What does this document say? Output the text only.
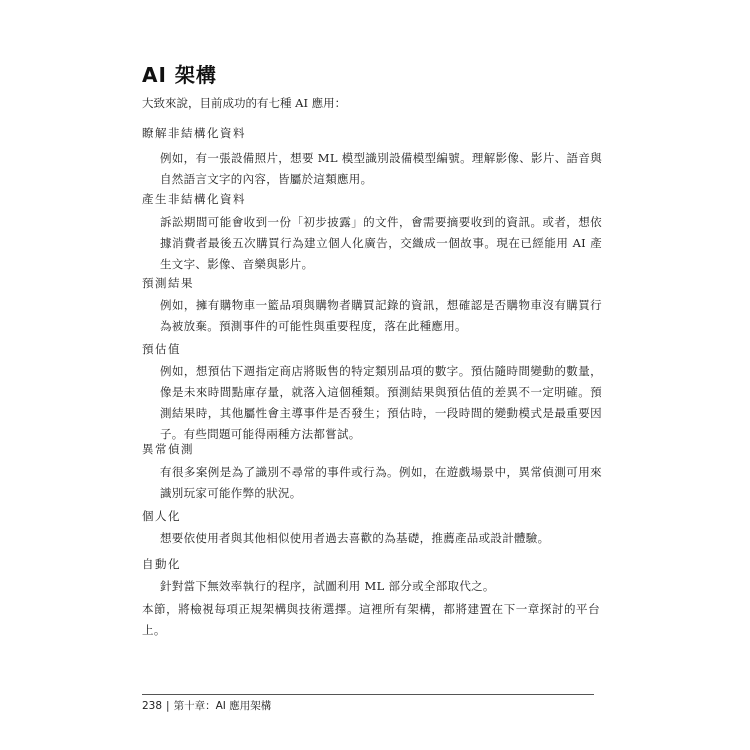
AI 架構

大致來說，目前成功的有七種 AI 應用：

瞭解非結構化資料

例如，有一張設備照片，想要 ML 模型識別設備模型編號。理解影像、影片、語音與自然語言文字的內容，皆屬於這類應用。

產生非結構化資料

訴訟期間可能會收到一份「初步披露」的文件，會需要摘要收到的資訊。或者，想依據消費者最後五次購買行為建立個人化廣告，交織成一個故事。現在已經能用 AI 產生文字、影像、音樂與影片。

預測結果

例如，擁有購物車一籃品項與購物者購買記錄的資訊，想確認是否購物車沒有購買行為被放棄。預測事件的可能性與重要程度，落在此種應用。

預估值

例如，想預估下週指定商店將販售的特定類別品項的數字。預估隨時間變動的數量，像是未來時間點庫存量，就落入這個種類。預測結果與預估值的差異不一定明確。預測結果時，其他屬性會主導事件是否發生；預估時，一段時間的變動模式是最重要因子。有些問題可能得兩種方法都嘗試。

異常偵測

有很多案例是為了識別不尋常的事件或行為。例如，在遊戲場景中，異常偵測可用來識別玩家可能作弊的狀況。

個人化

想要依使用者與其他相似使用者過去喜歡的為基礎，推薦產品或設計體驗。

自動化

針對當下無效率執行的程序，試圖利用 ML 部分或全部取代之。

本節，將檢視每項正規架構與技術選擇。這裡所有架構，都將建置在下一章探討的平台上。

238 | 第十章：AI 應用架構
